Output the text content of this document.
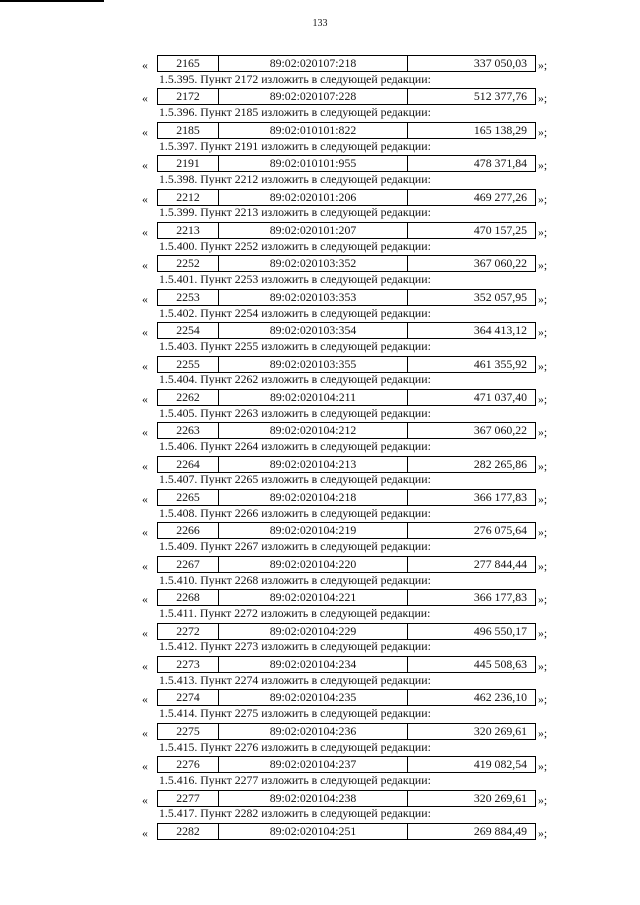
133
«	2165	89:02:020107:218	337 050,03 »;
1.5.395. Пункт 2172 изложить в следующей редакции:
«	2172	89:02:020107:228	512 377,76 »;
1.5.396. Пункт 2185 изложить в следующей редакции:
«	2185	89:02:010101:822	165 138,29 »;
1.5.397. Пункт 2191 изложить в следующей редакции:
«	2191	89:02:010101:955	478 371,84 »;
1.5.398. Пункт 2212 изложить в следующей редакции:
«	2212	89:02:020101:206	469 277,26 »;
1.5.399. Пункт 2213 изложить в следующей редакции:
«	2213	89:02:020101:207	470 157,25 »;
1.5.400. Пункт 2252 изложить в следующей редакции:
«	2252	89:02:020103:352	367 060,22 »;
1.5.401. Пункт 2253 изложить в следующей редакции:
«	2253	89:02:020103:353	352 057,95 »;
1.5.402. Пункт 2254 изложить в следующей редакции:
«	2254	89:02:020103:354	364 413,12 »;
1.5.403. Пункт 2255 изложить в следующей редакции:
«	2255	89:02:020103:355	461 355,92 »;
1.5.404. Пункт 2262 изложить в следующей редакции:
«	2262	89:02:020104:211	471 037,40 »;
1.5.405. Пункт 2263 изложить в следующей редакции:
«	2263	89:02:020104:212	367 060,22 »;
1.5.406. Пункт 2264 изложить в следующей редакции:
«	2264	89:02:020104:213	282 265,86 »;
1.5.407. Пункт 2265 изложить в следующей редакции:
«	2265	89:02:020104:218	366 177,83 »;
1.5.408. Пункт 2266 изложить в следующей редакции:
«	2266	89:02:020104:219	276 075,64 »;
1.5.409. Пункт 2267 изложить в следующей редакции:
«	2267	89:02:020104:220	277 844,44 »;
1.5.410. Пункт 2268 изложить в следующей редакции:
«	2268	89:02:020104:221	366 177,83 »;
1.5.411. Пункт 2272 изложить в следующей редакции:
«	2272	89:02:020104:229	496 550,17 »;
1.5.412. Пункт 2273 изложить в следующей редакции:
«	2273	89:02:020104:234	445 508,63 »;
1.5.413. Пункт 2274 изложить в следующей редакции:
«	2274	89:02:020104:235	462 236,10 »;
1.5.414. Пункт 2275 изложить в следующей редакции:
«	2275	89:02:020104:236	320 269,61 »;
1.5.415. Пункт 2276 изложить в следующей редакции:
«	2276	89:02:020104:237	419 082,54 »;
1.5.416. Пункт 2277 изложить в следующей редакции:
«	2277	89:02:020104:238	320 269,61 »;
1.5.417. Пункт 2282 изложить в следующей редакции:
«	2282	89:02:020104:251	269 884,49 »;
